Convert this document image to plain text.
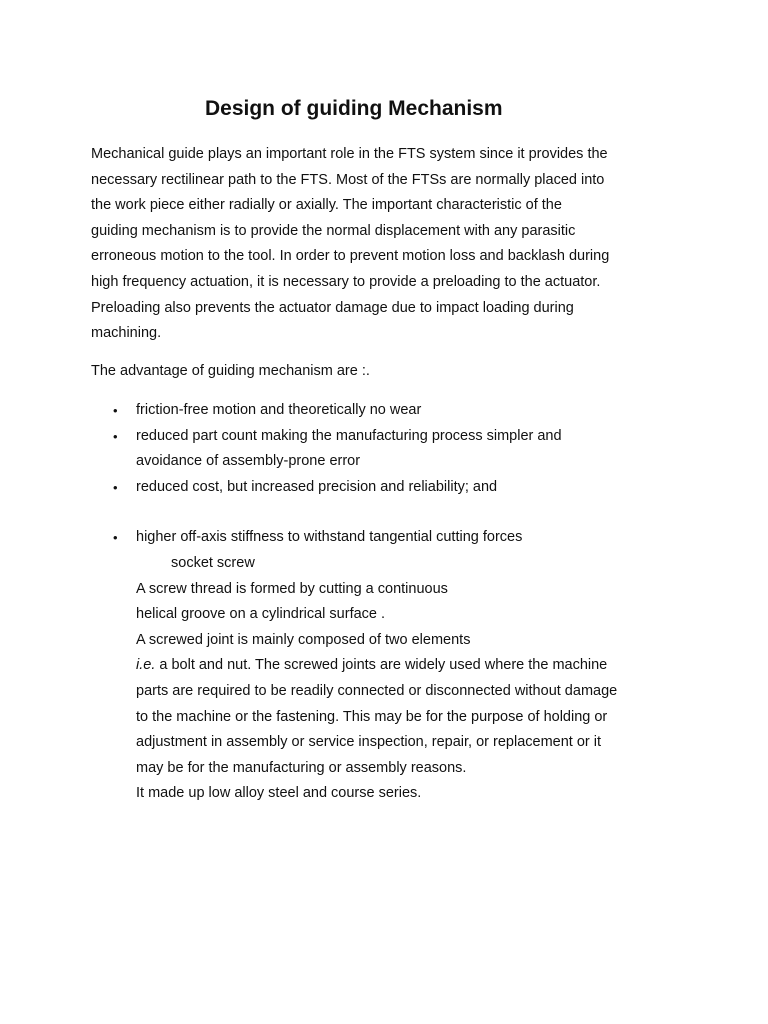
Design of guiding Mechanism
Mechanical guide plays an important role in the FTS system since it provides the
necessary rectilinear path to the FTS. Most of the FTSs are normally placed into
the work piece either radially or axially. The important characteristic of the
guiding mechanism is to provide the normal displacement with any parasitic
erroneous motion to the tool. In order to prevent motion loss and backlash during
high frequency actuation, it is necessary to provide a preloading to the actuator.
Preloading also prevents the actuator damage due to impact loading during
machining.
The advantage of guiding mechanism are :.
• friction-free motion and theoretically no wear
• reduced part count making the manufacturing process simpler and
avoidance of assembly-prone error
• reduced cost, but increased precision and reliability; and
• higher off-axis stiffness to withstand tangential cutting forces
socket screw
A screw thread is formed by cutting a continuous
helical groove on a cylindrical surface .
A screwed joint is mainly composed of two elements
i.e. a bolt and nut. The screwed joints are widely used where the machine
parts are required to be readily connected or disconnected without damage
to the machine or the fastening. This may be for the purpose of holding or
adjustment in assembly or service inspection, repair, or replacement or it
may be for the manufacturing or assembly reasons.
It made up low alloy steel and course series.
